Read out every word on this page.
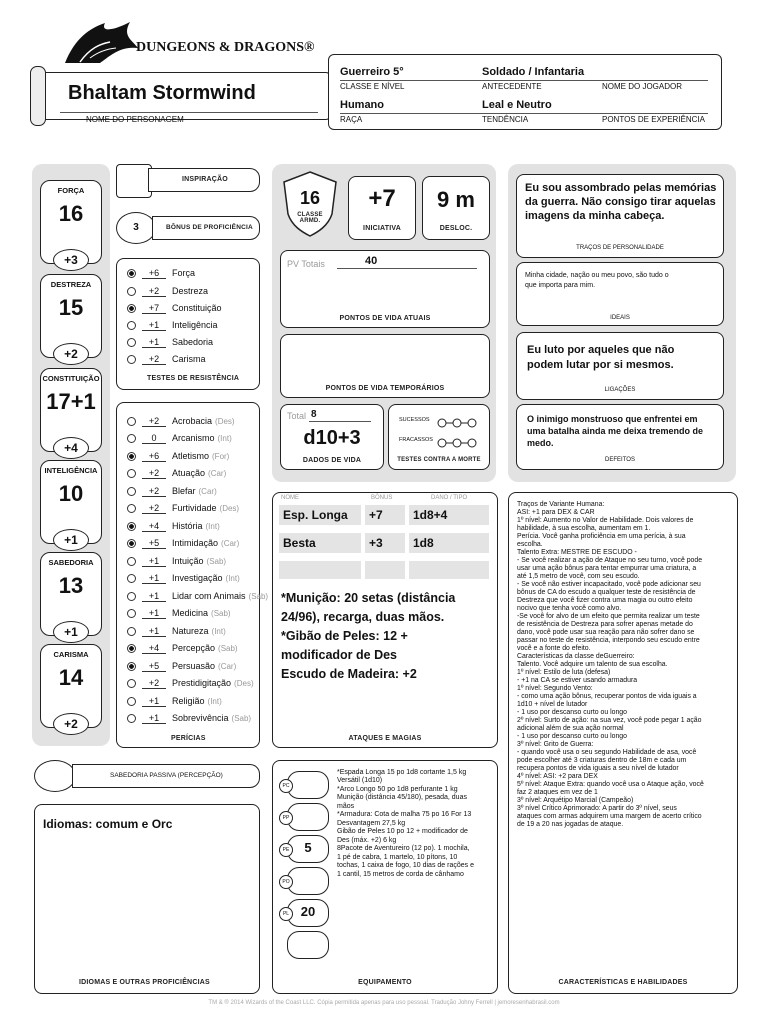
DUNGEONS & DRAGONS®
Bhaltam Stormwind
NOME DO PERSONAGEM
Guerreiro 5°	Soldado / Infantaria
CLASSE E NÍVEL	ANTECEDENTE	NOME DO JOGADOR
Humano	Leal e Neutro
RAÇA	TENDÊNCIA	PONTOS DE EXPERIÊNCIA
FORÇA
16
+3
DESTREZA
15
+2
CONSTITUIÇÃO
17+1
+4
INTELIGÊNCIA
10
+1
SABEDORIA
13
+1
CARISMA
14
+2
INSPIRAÇÃO
3	BÔNUS DE PROFICIÊNCIA
+6	Força
+2	Destreza
+7	Constituição
+1	Inteligência
+1	Sabedoria
+2	Carisma
TESTES DE RESISTÊNCIA
+2	Acrobacia (Des)
0	Arcanismo (Int)
+6	Atletismo (For)
+2	Atuação (Car)
+2	Blefar (Car)
+2	Furtividade (Des)
+4	História (Int)
+5	Intimidação (Car)
+1	Intuição (Sab)
+1	Investigação (Int)
+1	Lidar com Animais (Sab)
+1	Medicina (Sab)
+1	Natureza (Int)
+4	Percepção (Sab)
+5	Persuasão (Car)
+2	Prestidigitação (Des)
+1	Religião (Int)
+1	Sobrevivência (Sab)
PERÍCIAS
SABEDORIA PASSIVA (PERCEPÇÃO)
Idiomas: comum e Orc
IDIOMAS E OUTRAS PROFICIÊNCIAS
16
CLASSE ARMD.
+7
INICIATIVA
9 m
DESLOC.
PV Totais	40
PONTOS DE VIDA ATUAIS
PONTOS DE VIDA TEMPORÁRIOS
Total 8
d10+3
DADOS DE VIDA
SUCESSOS
FRACASSOS
TESTES CONTRA A MORTE
NOME	BÔNUS	DANO / TIPO
Esp. Longa +7	1d8+4
Besta	+3	1d8
*Munição: 20 setas (distância
24/96), recarga, duas mãos.
*Gibão de Peles: 12 +
modificador de Des
Escudo de Madeira: +2
ATAQUES E MAGIAS
PC
PP
PE	5
PO
PL 20
*Espada Longa 15 po 1d8 cortante 1,5 kg
Versátil (1d10)
*Arco Longo 50 po 1d8 perfurante 1 kg
Munição (distância 45/180), pesada, duas
mãos
*Armadura: Cota de malha 75 po 16 For 13
Desvantagem 27,5 kg
Gibão de Peles 10 po 12 + modificador de
Des (máx. +2) 6 kg
8Pacote de Aventureiro (12 po). 1 mochila,
1 pé de cabra, 1 martelo, 10 pítons, 10
tochas, 1 caixa de fogo, 10 dias de rações e
1 cantil, 15 metros de corda de cânhamo
EQUIPAMENTO
Eu sou assombrado pelas memórias da guerra. Não consigo tirar aquelas imagens da minha cabeça.
TRAÇOS DE PERSONALIDADE
Minha cidade, nação ou meu povo, são tudo o que importa para mim.
IDEAIS
Eu luto por aqueles que não podem lutar por si mesmos.
LIGAÇÕES
O inimigo monstruoso que enfrentei em uma batalha ainda me deixa tremendo de medo.
DEFEITOS
Traços de Variante Humana:
ASI: +1 para DEX & CAR
1º nível: Aumento no Valor de Habilidade. Dois valores de
habilidade, à sua escolha, aumentam em 1.
Perícia. Você ganha proficiência em uma perícia, à sua
escolha.
Talento Extra: MESTRE DE ESCUDO -
- Se você realizar a ação de Ataque no seu turno, você pode
usar uma ação bônus para tentar empurrar uma criatura, a
até 1,5 metro de você, com seu escudo.
- Se você não estiver incapacitado, você pode adicionar seu
bônus de CA do escudo a qualquer teste de resistência de
Destreza que você fizer contra uma magia ou outro efeito
nocivo que tenha você como alvo.
-Se você for alvo de um efeito que permita realizar um teste
de resistência de Destreza para sofrer apenas metade do
dano, você pode usar sua reação para não sofrer dano se
passar no teste de resistência, interpondo seu escudo entre
você e a fonte do efeito.
Características da classe deGuerreiro:
Talento. Você adquire um talento de sua escolha.
1º nível: Estilo de luta (defesa)
- +1 na CA se estiver usando armadura
1º nível: Segundo Vento:
- como uma ação bônus, recuperar pontos de vida iguais a
1d10 + nível de lutador
- 1 uso por descanso curto ou longo
2º nível: Surto de ação: na sua vez, você pode pegar 1 ação
adicional além de sua ação normal
- 1 uso por descanso curto ou longo
3º nível: Grito de Guerra:
- quando você usa o seu segundo Habilidade de asa, você
pode escolher até 3 criaturas dentro de 18m e cada um
recupera pontos de vida iguais a seu nível de lutador
4º nível: ASI: +2 para DEX
5º nível: Ataque Extra: quando você usa o Ataque ação, você
faz 2 ataques em vez de 1
3º nível: Arquétipo Marcial (Campeão)
3º nível Crítico Aprimorado: A partir do 3º nível, seus
ataques com armas adquirem uma margem de acerto crítico
de 19 a 20 nas jogadas de ataque.
CARACTERÍSTICAS E HABILIDADES
TM & ® 2014 Wizards of the Coast LLC. Cópia permitida apenas para uso pessoal. Tradução Johny Ferrell | jemoresenhabrasil.com
